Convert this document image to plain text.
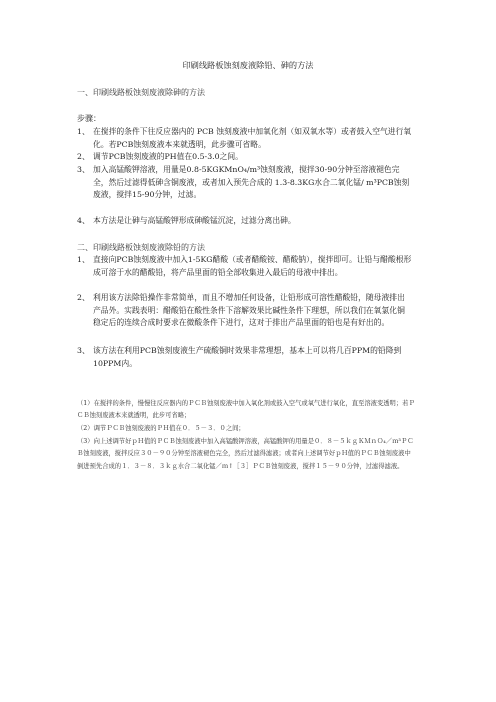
印刷线路板蚀刻废液除铅、砷的方法
一、印刷线路板蚀刻废液除砷的方法
步骤：
1、 在搅拌的条件下往反应器内的 PCB 蚀刻废液中加氧化剂（如双氧水等）或者鼓入空气进行氧化。若PCB蚀刻废液本来就透明，此步骤可省略。
2、 调节PCB蚀刻废液的PH值在0.5-3.0之间。
3、 加入高锰酸钾溶液，用量是0.8-5KGKMnO₄/m³蚀刻废液，搅拌30-90分钟至溶液褪色完全，然后过滤得低砷含铜废液，或者加入预先合成的 1.3-8.3KG水合二氧化锰/ m³PCB蚀刻废液，搅拌15-90分钟，过滤。
4、 本方法是让砷与高锰酸钾形成砷酸锰沉淀，过滤分离出砷。
二、印刷线路板蚀刻废液除铅的方法
1、 直接向PCB蚀刻废液中加入1-5KG醋酸（或者醋酸铵、醋酸钠），搅拌即可。让铅与醋酸根形成可溶于水的醋酸铅，将产品里面的铅全部收集进入最后的母液中排出。
2、 利用该方法除铅操作非常简单，而且不增加任何设备，让铅形成可溶性醋酸铅，随母液排出产品外。实践表明：醋酸铅在酸性条件下溶解效果比碱性条件下理想，所以我们在氧氯化铜稳定后的连续合成时要求在微酸条件下进行，这对于排出产品里面的铅也是有好出的。
3、 该方法在利用PCB蚀刻废液生产硫酸铜时效果非常理想，基本上可以将几百PPM的铅降到10PPM内。
（1）在搅拌的条件，慢慢往反应器内的ＰＣＢ蚀刻废液中加入氧化剂或鼓入空气或氧气进行氧化，直至溶液变透明；若ＰＣＢ蚀刻废液本来就透明，此步可省略；
（2）调节ＰＣＢ蚀刻废液的ＰＨ值在０．５－３．０之间；
（3）向上述调节好ｐＨ值的ＰＣＢ蚀刻废液中加入高锰酸钾溶液，高锰酸钾的用量是０．８－５ｋｇＫＭｎＯ₄／ｍ³ＰＣＢ蚀刻废液，搅拌反应３０－９０分钟至溶液褪色完全，然后过滤得滤液；或者向上述调节好ｐＨ值的ＰＣＢ蚀刻废液中倒进预先合成的１．３－８．３ｋｇ水合二氧化锰／ｍ↑［３］ＰＣＢ蚀刻废液，搅拌１５－９０分钟，过滤得滤液。
